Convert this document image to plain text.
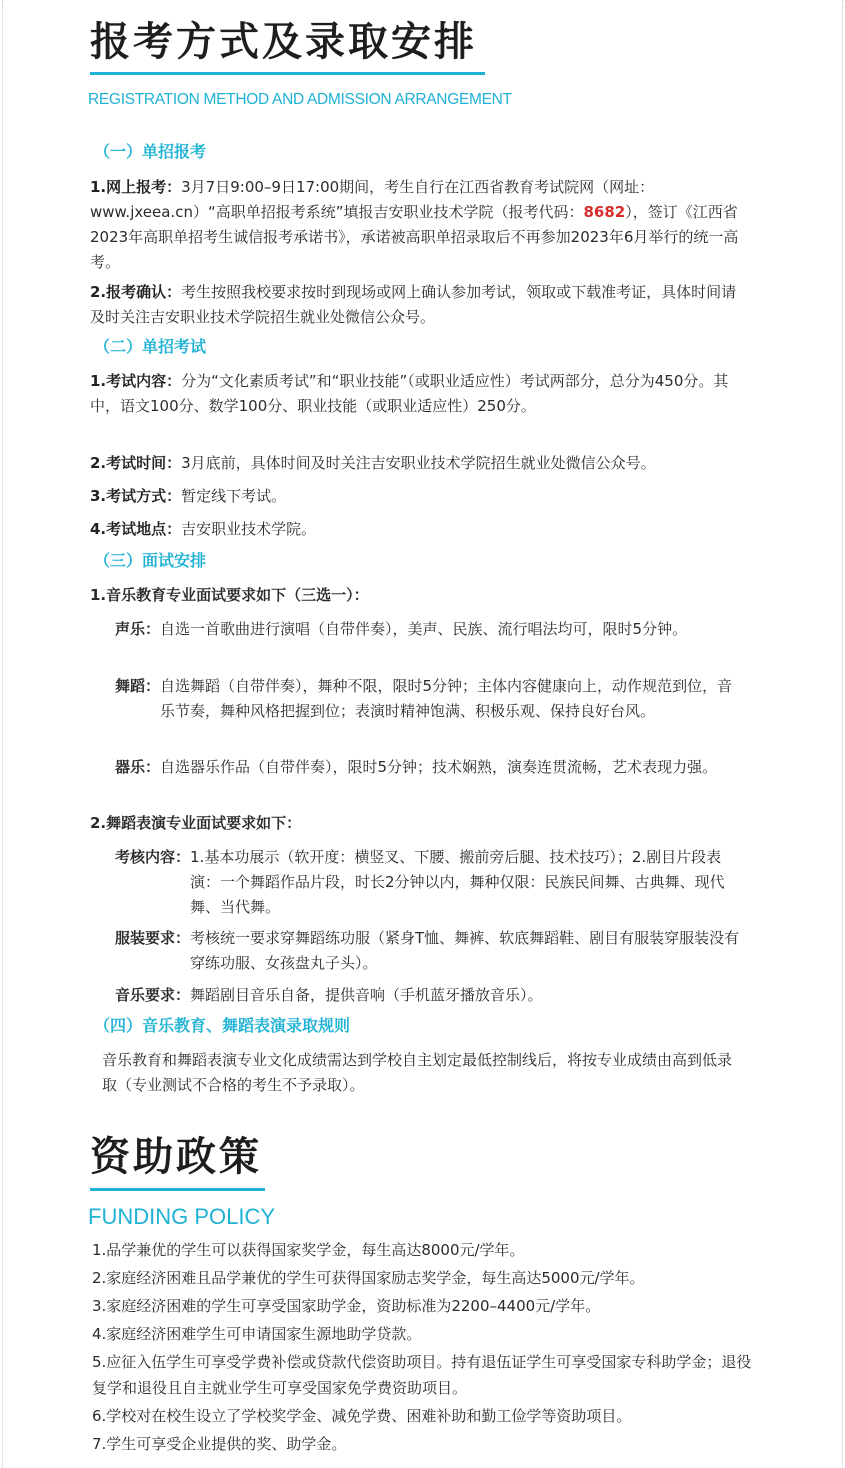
报考方式及录取安排
REGISTRATION METHOD AND ADMISSION ARRANGEMENT
（一）单招报考
1.网上报考：3月7日9:00–9日17:00期间，考生自行在江西省教育考试院网（网址：www.jxeea.cn）“高职单招报考系统”填报吉安职业技术学院（报考代码：8682），签订《江西省2023年高职单招考生诚信报考承诺书》，承诺被高职单招录取后不再参加2023年6月举行的统一高考。
2.报考确认：考生按照我校要求按时到现场或网上确认参加考试，领取或下载准考证，具体时间请及时关注吉安职业技术学院招生就业处微信公众号。
（二）单招考试
1.考试内容：分为“文化素质考试”和“职业技能”（或职业适应性）考试两部分，总分为450分。其中，语文100分、数学100分、职业技能（或职业适应性）250分。
2.考试时间：3月底前，具体时间及时关注吉安职业技术学院招生就业处微信公众号。
3.考试方式：暂定线下考试。
4.考试地点：吉安职业技术学院。
（三）面试安排
1.音乐教育专业面试要求如下（三选一）：
声乐： 自选一首歌曲进行演唱（自带伴奏），美声、民族、流行唱法均可，限时5分钟。
舞蹈： 自选舞蹈（自带伴奏），舞种不限，限时5分钟；主体内容健康向上，动作规范到位，音乐节奏，舞种风格把握到位；表演时精神饱满、积极乐观、保持良好台风。
器乐： 自选器乐作品（自带伴奏），限时5分钟；技术娴熟，演奏连贯流畅，艺术表现力强。
2.舞蹈表演专业面试要求如下：
考核内容： 1.基本功展示（软开度：横竖叉、下腰、搬前旁后腿、技术技巧）；2.剧目片段表演：一个舞蹈作品片段，时长2分钟以内，舞种仅限：民族民间舞、古典舞、现代舞、当代舞。
服装要求： 考核统一要求穿舞蹈练功服（紧身T恤、舞裤、软底舞蹈鞋、剧目有服装穿服装没有穿练功服、女孩盘丸子头）。
音乐要求： 舞蹈剧目音乐自备，提供音响（手机蓝牙播放音乐）。
（四）音乐教育、舞蹈表演录取规则
音乐教育和舞蹈表演专业文化成绩需达到学校自主划定最低控制线后，将按专业成绩由高到低录取（专业测试不合格的考生不予录取）。
资助政策
FUNDING POLICY

1.品学兼优的学生可以获得国家奖学金，每生高达8000元/学年。

2.家庭经济困难且品学兼优的学生可获得国家励志奖学金，每生高达5000元/学年。

3.家庭经济困难的学生可享受国家助学金，资助标准为2200–4400元/学年。

4.家庭经济困难学生可申请国家生源地助学贷款。

5.应征入伍学生可享受学费补偿或贷款代偿资助项目。持有退伍证学生可享受国家专科助学金；退役复学和退役且自主就业学生可享受国家免学费资助项目。

6.学校对在校生设立了学校奖学金、减免学费、困难补助和勤工俭学等资助项目。

7.学生可享受企业提供的奖、助学金。
